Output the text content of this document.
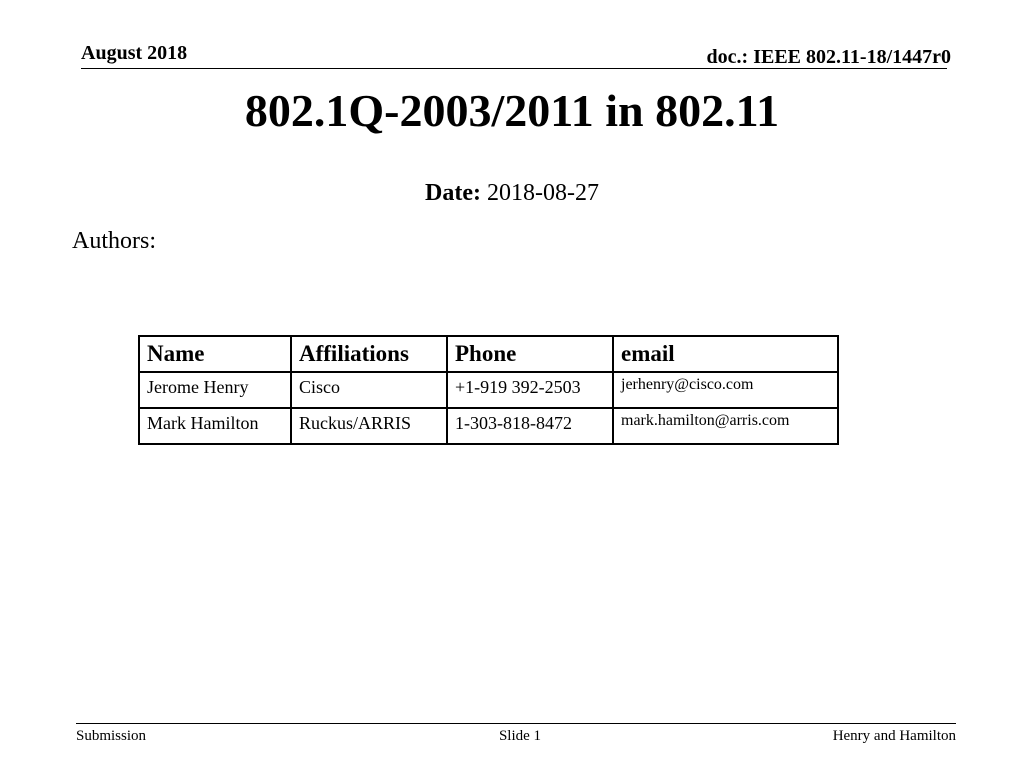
August 2018	doc.: IEEE 802.11-18/1447r0
802.1Q-2003/2011 in 802.11
Date: 2018-08-27
Authors:
Name	Affiliations	Phone	email
Jerome Henry	Cisco	+1-919 392-2503	jerhenry@cisco.com
Mark Hamilton	Ruckus/ARRIS	1-303-818-8472	mark.hamilton@arris.com
Submission	Slide 1	Henry and Hamilton
